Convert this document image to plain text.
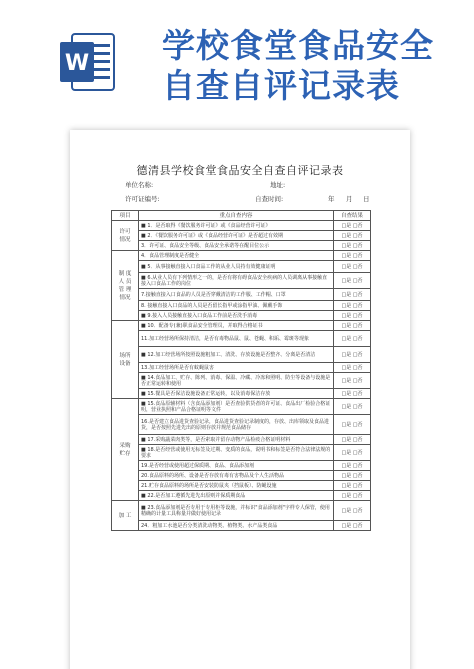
W 学校食堂食品安全
自查自评记录表
德清县学校食堂食品安全自查自评记录表
单位名称:	地址:
许可证编号:	自查时间:	年 月 日
项目	重点自查内容	自查结果
许可
情况	■ 1．是否取得《餐饮服务许可证》或《食品经营许可证》	□是 □否
	■ 2．《餐饮服务许可证》或《食品经营许可证》是否超过有效期	□是 □否
	3．许可证、食品安全等级、食品安全承诺等在醒目位公示	□是 □否
制 度
人 员
管 理
情况	4．食品管理制度是否健全	□是 □否
	■ 5．从事接触直接入口食品工作的从业人员持有效健康证明	□是 □否
	■ 6.从业人员有下列情形之一的，是否有将有碍食品安全疾病的人员调离从事接触直接入口食品工作的岗位	□是 □否
	7.接触直接入口食品的人员是否穿戴清洁的工作服、工作帽、口罩	□是 □否
	8. 接触直接入口食品的人员是否留长指甲或涂指甲油、佩戴手饰	□是 □否
	■ 9.接入人员接触直接入口食品工作前是否洗手消毒	□是 □否
场所
设备	■ 10．配备专(兼)职食品安全管理员，并取得合格证书	□是 □否
	11.加工经营场所保持清洁，是否有毒物品鼠、鼠、苍蝇、积垢、霉斑等现象	□是 □否
	■ 12.加工经营场所按照设施粗加工、清洗、存放设施是否整齐、分离是否清洁	□是 □否
	13.加工经营场所是否有蚊蝇鼠害	□是 □否
	■ 14.食品加工、贮存、陈列、消毒、保温、冷藏、冷冻和照明、防尘等设备与设施是否正常运转和使用	□是 □否
	■ 15.餐具是否保洁设施设备正常运转，以及消毒保洁存放	□是 □否
采购
贮存	■ 15.食品原辅材料（含食品添加剂）是否查验供货者的许可证、食品出厂检验合格证明，营业执照和产品合格证明等文件	□是 □否
	16.是否建立食品进货查验记录，食品进货查验记录制度的，存放、出库领取及食品进货，是否按照先进先出的原则存放并规范食品储存	□是 □否
	■ 17.采购蔬菜肉类等，是否索取并留存动物产品检疫合格证明材料	□是 □否
	■ 18.是否经营或使用无标签及过期、变质的食品，说明书和标签是否符合法律法规的要求	□是 □否
	19.是否经营或使用超过保质期、食品、食品添加剂	□是 □否
	20.食品原料的场所、设备是否存放有毒有害物品及个人生活物品	□是 □否
	21.贮存食品原料的场所是否安装防鼠夹（挡鼠板）、防蝇设施	□是 □否
	■ 22.是否加工遵循先进先出原则并保质期食品	□是 □否
加 工	■ 23.食品添加剂是否专用于专用柜等设施，并标识"食品添加剂"字样专人保管，使用精确的计量工具称量并做好使用记录	□是 □否
	24．粗加工水池是否分类清洗动物类、植物类、水产品类食品	□是 □否
